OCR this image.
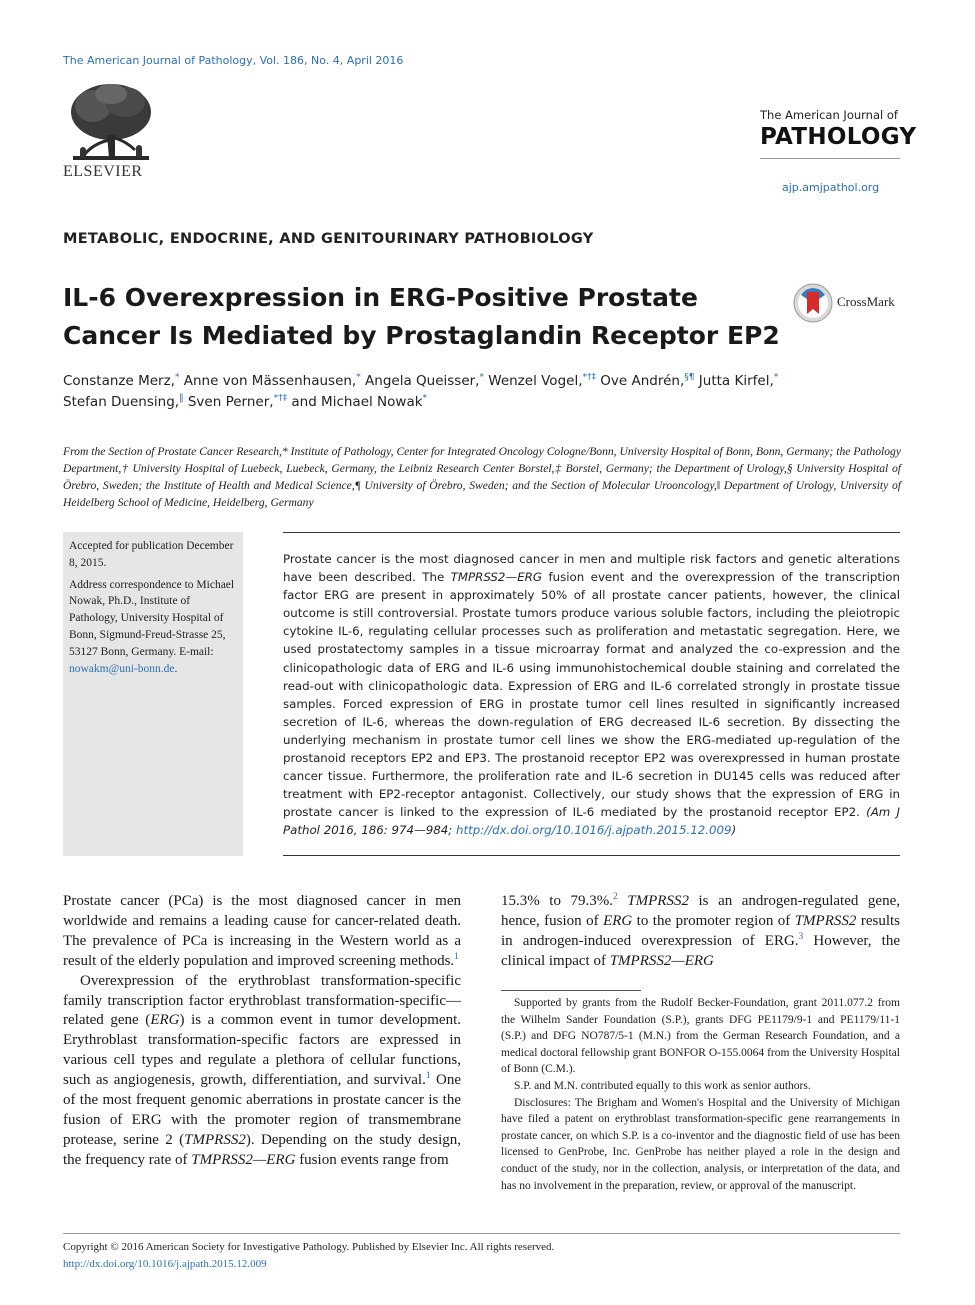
The American Journal of Pathology, Vol. 186, No. 4, April 2016
ELSEVIER
The American Journal of
PATHOLOGY
ajp.amjpathol.org
METABOLIC, ENDOCRINE, AND GENITOURINARY PATHOBIOLOGY
IL-6 Overexpression in ERG-Positive Prostate
Cancer Is Mediated by Prostaglandin Receptor EP2
CrossMark
Constanze Merz,* Anne von Mässenhausen,* Angela Queisser,* Wenzel Vogel,*†‡ Ove Andrén,§¶ Jutta Kirfel,*
Stefan Duensing,‖ Sven Perner,*†‡ and Michael Nowak*
From the Section of Prostate Cancer Research,* Institute of Pathology, Center for Integrated Oncology Cologne/Bonn, University Hospital of Bonn, Bonn, Germany; the Pathology Department,† University Hospital of Luebeck, Luebeck, Germany, the Leibniz Research Center Borstel,‡ Borstel, Germany; the Department of Urology,§ University Hospital of Örebro, Sweden; the Institute of Health and Medical Science,¶ University of Örebro, Sweden; and the Section of Molecular Urooncology,‖ Department of Urology, University of Heidelberg School of Medicine, Heidelberg, Germany

Accepted for publication December 8, 2015.

Address correspondence to Michael Nowak, Ph.D., Institute of Pathology, University Hospital of Bonn, Sigmund-Freud-Strasse 25, 53127 Bonn, Germany. E-mail: nowakm@uni-bonn.de.

Prostate cancer is the most diagnosed cancer in men and multiple risk factors and genetic alterations have been described. The TMPRSS2—ERG fusion event and the overexpression of the transcription factor ERG are present in approximately 50% of all prostate cancer patients, however, the clinical outcome is still controversial. Prostate tumors produce various soluble factors, including the pleiotropic cytokine IL-6, regulating cellular processes such as proliferation and metastatic segregation. Here, we used prostatectomy samples in a tissue microarray format and analyzed the co-expression and the clinicopathologic data of ERG and IL-6 using immunohistochemical double staining and correlated the read-out with clinicopathologic data. Expression of ERG and IL-6 correlated strongly in prostate tissue samples. Forced expression of ERG in prostate tumor cell lines resulted in significantly increased secretion of IL-6, whereas the down-regulation of ERG decreased IL-6 secretion. By dissecting the underlying mechanism in prostate tumor cell lines we show the ERG-mediated up-regulation of the prostanoid receptors EP2 and EP3. The prostanoid receptor EP2 was overexpressed in human prostate cancer tissue. Furthermore, the proliferation rate and IL-6 secretion in DU145 cells was reduced after treatment with EP2-receptor antagonist. Collectively, our study shows that the expression of ERG in prostate cancer is linked to the expression of IL-6 mediated by the prostanoid receptor EP2. (Am J Pathol 2016, 186: 974—984; http://dx.doi.org/10.1016/j.ajpath.2015.12.009)

Prostate cancer (PCa) is the most diagnosed cancer in men worldwide and remains a leading cause for cancer-related death. The prevalence of PCa is increasing in the Western world as a result of the elderly population and improved screening methods.$^1$

Overexpression of the erythroblast transformation-specific family transcription factor erythroblast transformation-specific—related gene (ERG) is a common event in tumor development. Erythroblast transformation-specific factors are expressed in various cell types and regulate a plethora of cellular functions, such as angiogenesis, growth, differentiation, and survival.$^1$ One of the most frequent genomic aberrations in prostate cancer is the fusion of ERG with the promoter region of transmembrane protease, serine 2 (TMPRSS2). Depending on the study design, the frequency rate of TMPRSS2—ERG fusion events range from

15.3% to 79.3%.$^2$ TMPRSS2 is an androgen-regulated gene, hence, fusion of ERG to the promoter region of TMPRSS2 results in androgen-induced overexpression of ERG.$^3$ However, the clinical impact of TMPRSS2—ERG

Supported by grants from the Rudolf Becker-Foundation, grant 2011.077.2 from the Wilhelm Sander Foundation (S.P.), grants DFG PE1179/9-1 and PE1179/11-1 (S.P.) and DFG NO787/5-1 (M.N.) from the German Research Foundation, and a medical doctoral fellowship grant BONFOR O-155.0064 from the University Hospital of Bonn (C.M.).

S.P. and M.N. contributed equally to this work as senior authors.

Disclosures: The Brigham and Women's Hospital and the University of Michigan have filed a patent on erythroblast transformation-specific gene rearrangements in prostate cancer, on which S.P. is a co-inventor and the diagnostic field of use has been licensed to GenProbe, Inc. GenProbe has neither played a role in the design and conduct of the study, nor in the collection, analysis, or interpretation of the data, and has no involvement in the preparation, review, or approval of the manuscript.

Copyright © 2016 American Society for Investigative Pathology. Published by Elsevier Inc. All rights reserved.
http://dx.doi.org/10.1016/j.ajpath.2015.12.009
